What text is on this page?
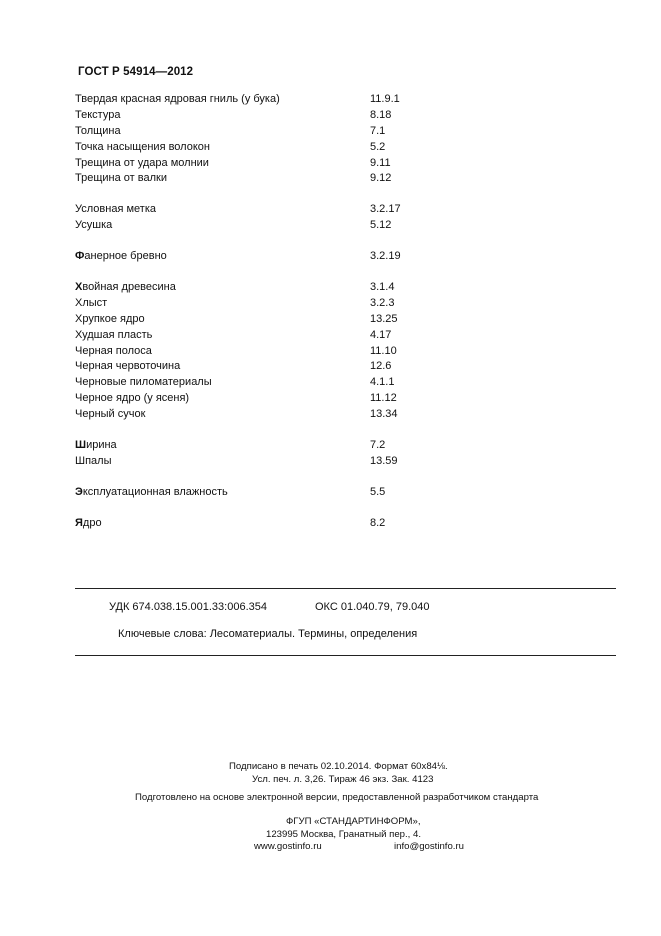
ГОСТ Р 54914—2012
Твердая красная ядровая гниль (у бука)	11.9.1
Текстура	8.18
Толщина	7.1
Точка насыщения волокон	5.2
Трещина от удара молнии	9.11
Трещина от валки	9.12
Условная метка	3.2.17
Усушка	5.12
Фанерное бревно	3.2.19
Хвойная древесина	3.1.4
Хлыст	3.2.3
Хрупкое ядро	13.25
Худшая пласть	4.17
Черная полоса	11.10
Черная червоточина	12.6
Черновые пиломатериалы	4.1.1
Черное ядро (у ясеня)	11.12
Черный сучок	13.34
Ширина	7.2
Шпалы	13.59
Эксплуатационная влажность	5.5
Ядро	8.2
УДК 674.038.15.001.33:006.354	ОКС 01.040.79, 79.040
Ключевые слова: Лесоматериалы. Термины, определения
Подписано в печать 02.10.2014. Формат 60x84⅛.
Усл. печ. л. 3,26. Тираж 46 экз. Зак. 4123
Подготовлено на основе электронной версии, предоставленной разработчиком стандарта
ФГУП «СТАНДАРТИНФОРМ»,
123995 Москва, Гранатный пер., 4.
www.gostinfo.ru	info@gostinfo.ru
